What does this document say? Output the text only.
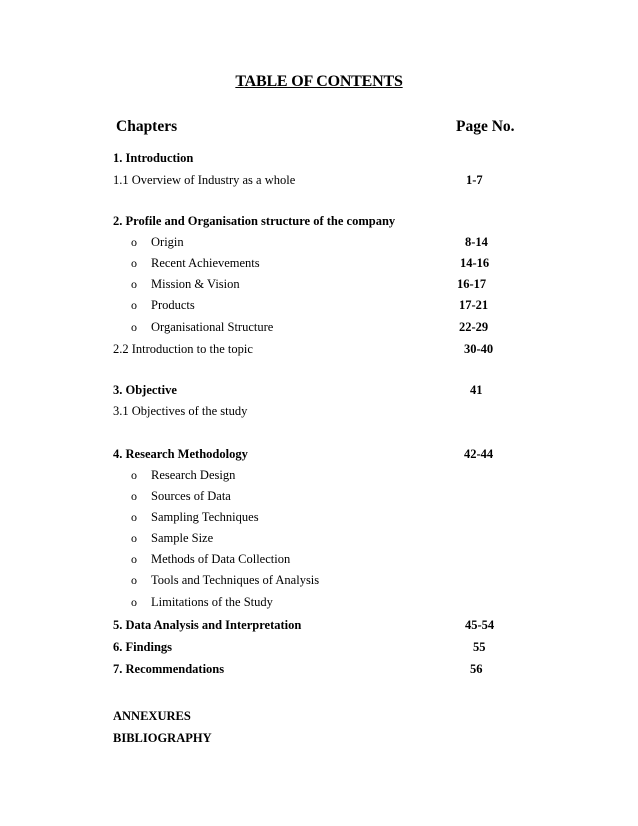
TABLE OF CONTENTS
Chapters	Page No.
1. Introduction
1.1 Overview of Industry as a whole	1-7
2. Profile and Organisation structure of the company
o Origin	8-14
o Recent Achievements	14-16
o Mission & Vision	16-17
o Products	17-21
o Organisational Structure	22-29
2.2 Introduction to the topic	30-40
3. Objective	41
3.1 Objectives of the study
4. Research Methodology	42-44
o Research Design
o Sources of Data
o Sampling Techniques
o Sample Size
o Methods of Data Collection
o Tools and Techniques of Analysis
o Limitations of the Study
5. Data Analysis and Interpretation	45-54
6. Findings	55
7. Recommendations	56
ANNEXURES
BIBLIOGRAPHY
